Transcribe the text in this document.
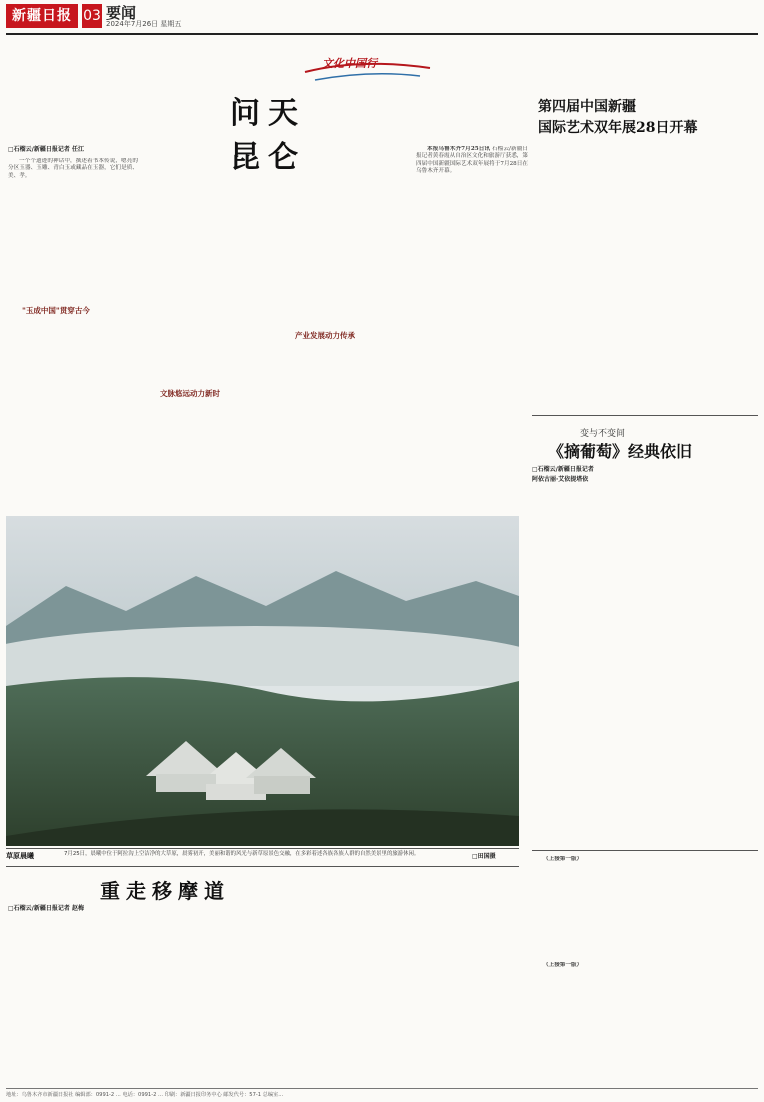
新疆日报 03 要闻
2024年7月26日 星期五
文化中国行
问天昆仑
□石榴云/新疆日报记者 任江

一个个遗迹的神话中，撰述着书本传说，嗯亮的分区玉器、玉雕、青白玉或藏品在玉器，它们是质、美、孝。

"玉成中国"贯穿古今
文脉悠远动力新时
产业发展动力传承
第四届中国新疆
国际艺术双年展28日开幕

本报乌鲁木齐7月25日讯 石榴云/新疆日报记者黄春霞从自治区文化和旅游厅获悉，第四届中国新疆国际艺术双年展将于7月28日在乌鲁木齐开幕。

变与不变间
《摘葡萄》经典依旧
□石榴云/新疆日报记者
阿依古丽·艾依提塔依
草原晨曦	7月25日，晨曦中位于阿拉沟上空洁净的大草原，晨雾初开，美丽和谐的风光与新草原景色交融，在多彩着述各族各族人群的自然美景里的旅游休闲。	□田国摄	（上接第一版）

（上接第一版）

重走移摩道
□石榴云/新疆日报记者 赵梅
地址：乌鲁木齐市新疆日报社 编辑部：0991-2 ... 电话：0991-2 ... 印刷：新疆日报印务中心 邮发代号：57-1 总编室...
